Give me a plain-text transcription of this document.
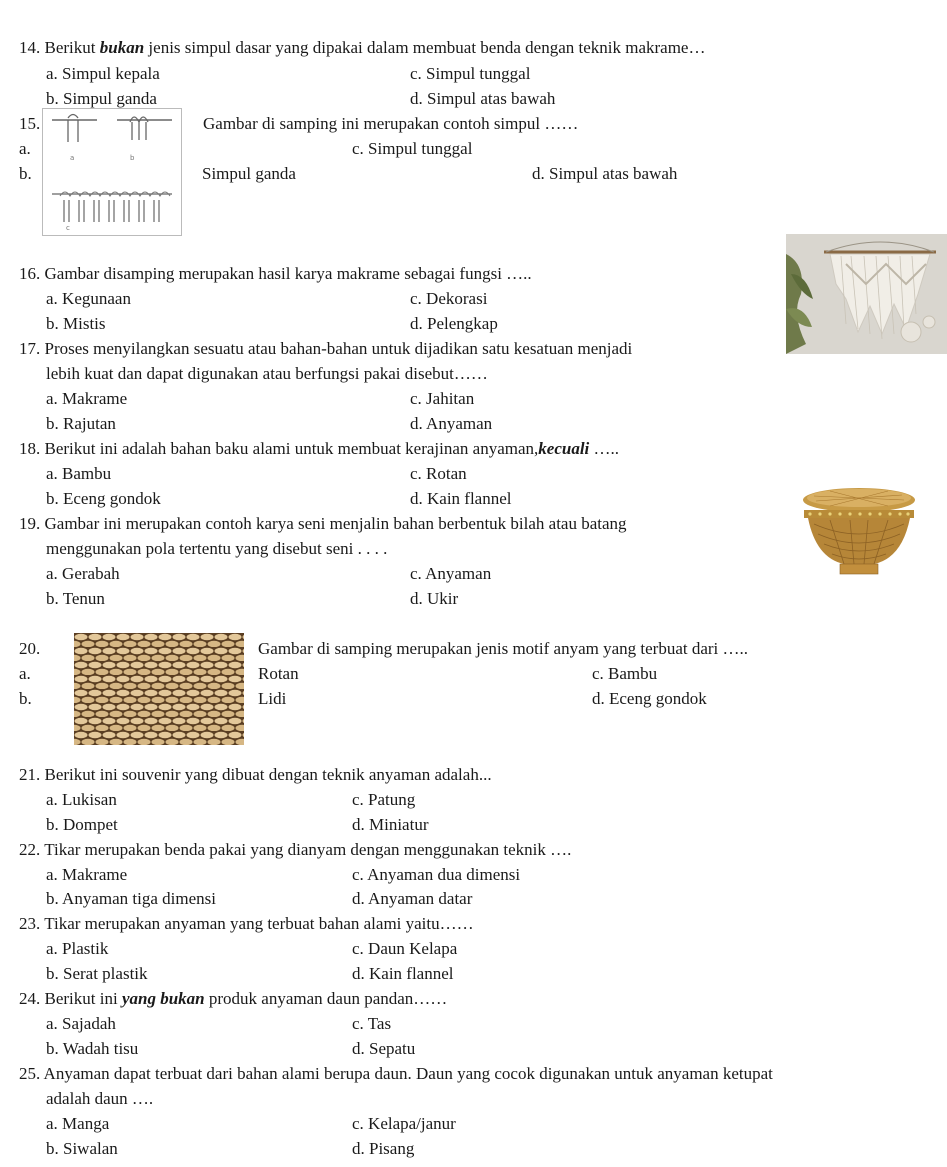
14. Berikut bukan jenis simpul dasar yang dipakai dalam membuat benda dengan teknik makrame…
a. Simpul kepala	c. Simpul tunggal
b. Simpul ganda	d. Simpul atas bawah
15.	Gambar di samping ini merupakan contoh simpul ……
a.	c. Simpul tunggal
b.	Simpul ganda	d. Simpul atas bawah
a	b
c
16. Gambar disamping merupakan hasil karya makrame sebagai fungsi …..
a. Kegunaan	c. Dekorasi
b. Mistis	d. Pelengkap
17. Proses menyilangkan sesuatu atau bahan-bahan untuk dijadikan satu kesatuan menjadi
lebih kuat dan dapat digunakan atau berfungsi pakai disebut……
a. Makrame	c. Jahitan
b. Rajutan	d. Anyaman
18. Berikut ini adalah bahan baku alami untuk membuat kerajinan anyaman,kecuali …..
a. Bambu	c. Rotan
b. Eceng gondok	d. Kain flannel
19. Gambar ini merupakan contoh karya seni menjalin bahan berbentuk bilah atau batang
menggunakan pola tertentu yang disebut seni . . . .
a. Gerabah	c. Anyaman
b. Tenun	d. Ukir
20.	Gambar di samping merupakan jenis motif anyam yang terbuat dari …..
a.	Rotan	c. Bambu
b.	Lidi	d. Eceng gondok
21. Berikut ini souvenir yang dibuat dengan teknik anyaman adalah...
a. Lukisan	c. Patung
b. Dompet	d. Miniatur
22. Tikar merupakan benda pakai yang dianyam dengan menggunakan teknik ….
a. Makrame	c. Anyaman dua dimensi
b. Anyaman tiga dimensi	d. Anyaman datar
23. Tikar merupakan anyaman yang terbuat bahan alami yaitu……
a. Plastik	c. Daun Kelapa
b. Serat plastik	d. Kain flannel
24. Berikut ini yang bukan produk anyaman daun pandan……
a. Sajadah	c. Tas
b. Wadah tisu	d. Sepatu
25. Anyaman dapat terbuat dari bahan alami berupa daun. Daun yang cocok digunakan untuk anyaman ketupat
adalah daun ….
a. Manga	c. Kelapa/janur
b. Siwalan	d. Pisang
